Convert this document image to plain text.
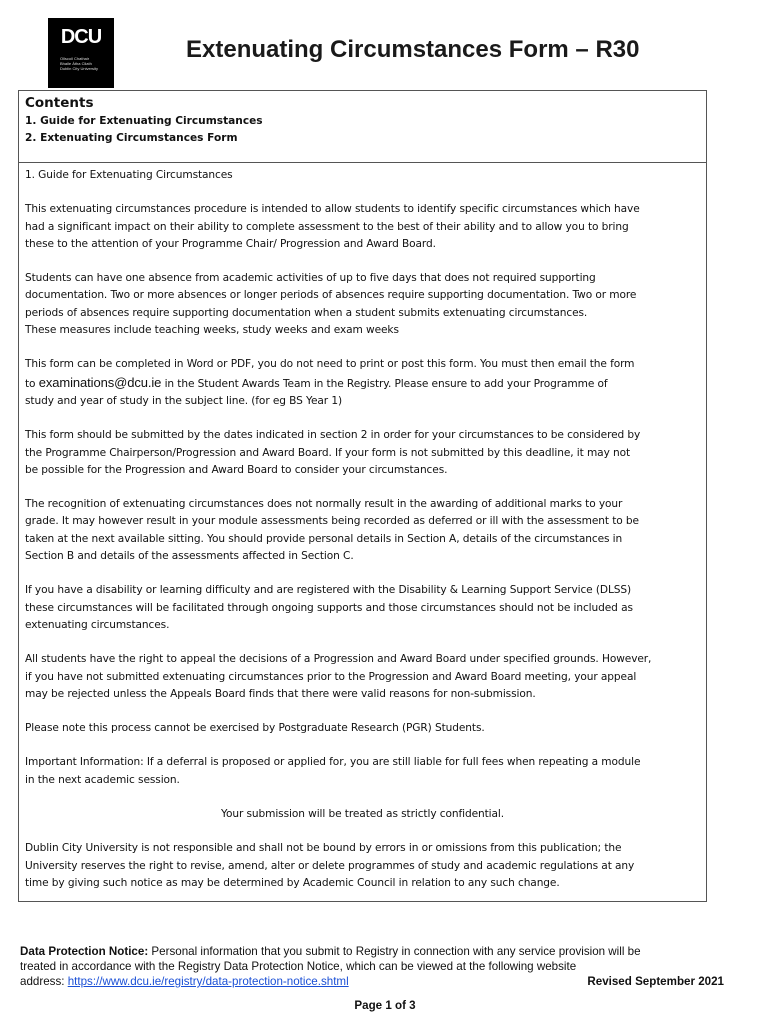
DCU
Ollscoil Chathair
Bhaile Átha Cliath
Dublin City University
Extenuating Circumstances Form – R30
Contents
1. Guide for Extenuating Circumstances
2. Extenuating Circumstances Form
1. Guide for Extenuating Circumstances
This extenuating circumstances procedure is intended to allow students to identify specific circumstances which have
had a significant impact on their ability to complete assessment to the best of their ability and to allow you to bring
these to the attention of your Programme Chair/ Progression and Award Board.
Students can have one absence from academic activities of up to five days that does not required supporting
documentation. Two or more absences or longer periods of absences require supporting documentation. Two or more
periods of absences require supporting documentation when a student submits extenuating circumstances.
These measures include teaching weeks, study weeks and exam weeks
This form can be completed in Word or PDF, you do not need to print or post this form. You must then email the form
to examinations@dcu.ie in the Student Awards Team in the Registry. Please ensure to add your Programme of
study and year of study in the subject line. (for eg BS Year 1)
This form should be submitted by the dates indicated in section 2 in order for your circumstances to be considered by
the Programme Chairperson/Progression and Award Board. If your form is not submitted by this deadline, it may not
be possible for the Progression and Award Board to consider your circumstances.
The recognition of extenuating circumstances does not normally result in the awarding of additional marks to your
grade. It may however result in your module assessments being recorded as deferred or ill with the assessment to be
taken at the next available sitting. You should provide personal details in Section A, details of the circumstances in
Section B and details of the assessments affected in Section C.
If you have a disability or learning difficulty and are registered with the Disability & Learning Support Service (DLSS)
these circumstances will be facilitated through ongoing supports and those circumstances should not be included as
extenuating circumstances.
All students have the right to appeal the decisions of a Progression and Award Board under specified grounds. However,
if you have not submitted extenuating circumstances prior to the Progression and Award Board meeting, your appeal
may be rejected unless the Appeals Board finds that there were valid reasons for non-submission.
Please note this process cannot be exercised by Postgraduate Research (PGR) Students.
Important Information: If a deferral is proposed or applied for, you are still liable for full fees when repeating a module
in the next academic session.
Your submission will be treated as strictly confidential.
Dublin City University is not responsible and shall not be bound by errors in or omissions from this publication; the
University reserves the right to revise, amend, alter or delete programmes of study and academic regulations at any
time by giving such notice as may be determined by Academic Council in relation to any such change.
Data Protection Notice: Personal information that you submit to Registry in connection with any service provision will be
treated in accordance with the Registry Data Protection Notice, which can be viewed at the following website
address: https://www.dcu.ie/registry/data-protection-notice.shtml	Revised September 2021
Page 1 of 3
